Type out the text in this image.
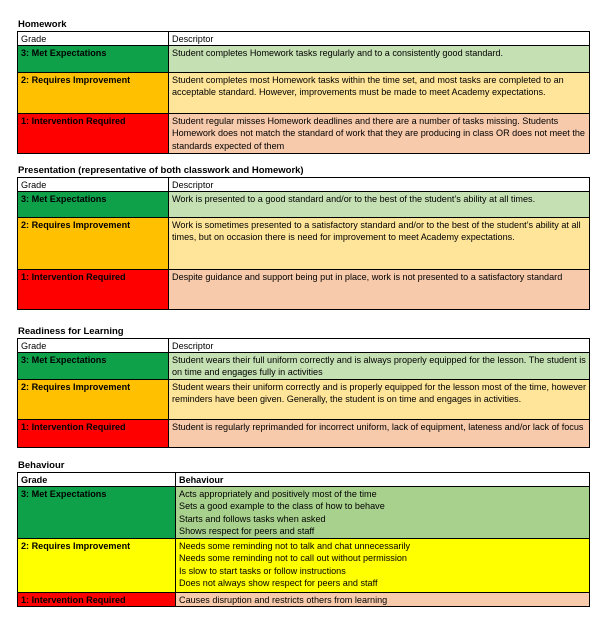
Homework
Grade	Descriptor
3: Met Expectations	Student completes Homework tasks regularly and to a consistently good standard.

2: Requires Improvement	Student completes most Homework tasks within the time set, and most tasks are completed to an acceptable standard. However, improvements must be made to meet Academy expectations.

1: Intervention Required	Student regular misses Homework deadlines and there are a number of tasks missing. Students Homework does not match the standard of work that they are producing in class OR does not meet the standards expected of them
Presentation (representative of both classwork and Homework)
Grade	Descriptor
3: Met Expectations	Work is presented to a good standard and/or to the best of the student’s ability at all times.

2: Requires Improvement	Work is sometimes presented to a satisfactory standard and/or to the best of the student’s ability at all times, but on occasion there is need for improvement to meet Academy expectations.

1: Intervention Required	Despite guidance and support being put in place, work is not presented to a satisfactory standard
Readiness for Learning
Grade	Descriptor
3: Met Expectations	Student wears their full uniform correctly and is always properly equipped for the lesson. The student is on time and engages fully in activities

2: Requires Improvement	Student wears their uniform correctly and is properly equipped for the lesson most of the time, however reminders have been given. Generally, the student is on time and engages in activities.

1: Intervention Required	Student is regularly reprimanded for incorrect uniform, lack of equipment, lateness and/or lack of focus
Behaviour
Grade	Behaviour
3: Met Expectations	Acts appropriately and positively most of the time
Sets a good example to the class of how to behave
Starts and follows tasks when asked
Shows respect for peers and staff

2: Requires Improvement	Needs some reminding not to talk and chat unnecessarily
Needs some reminding not to call out without permission
Is slow to start tasks or follow instructions
Does not always show respect for peers and staff

1: Intervention Required	Causes disruption and restricts others from learning
